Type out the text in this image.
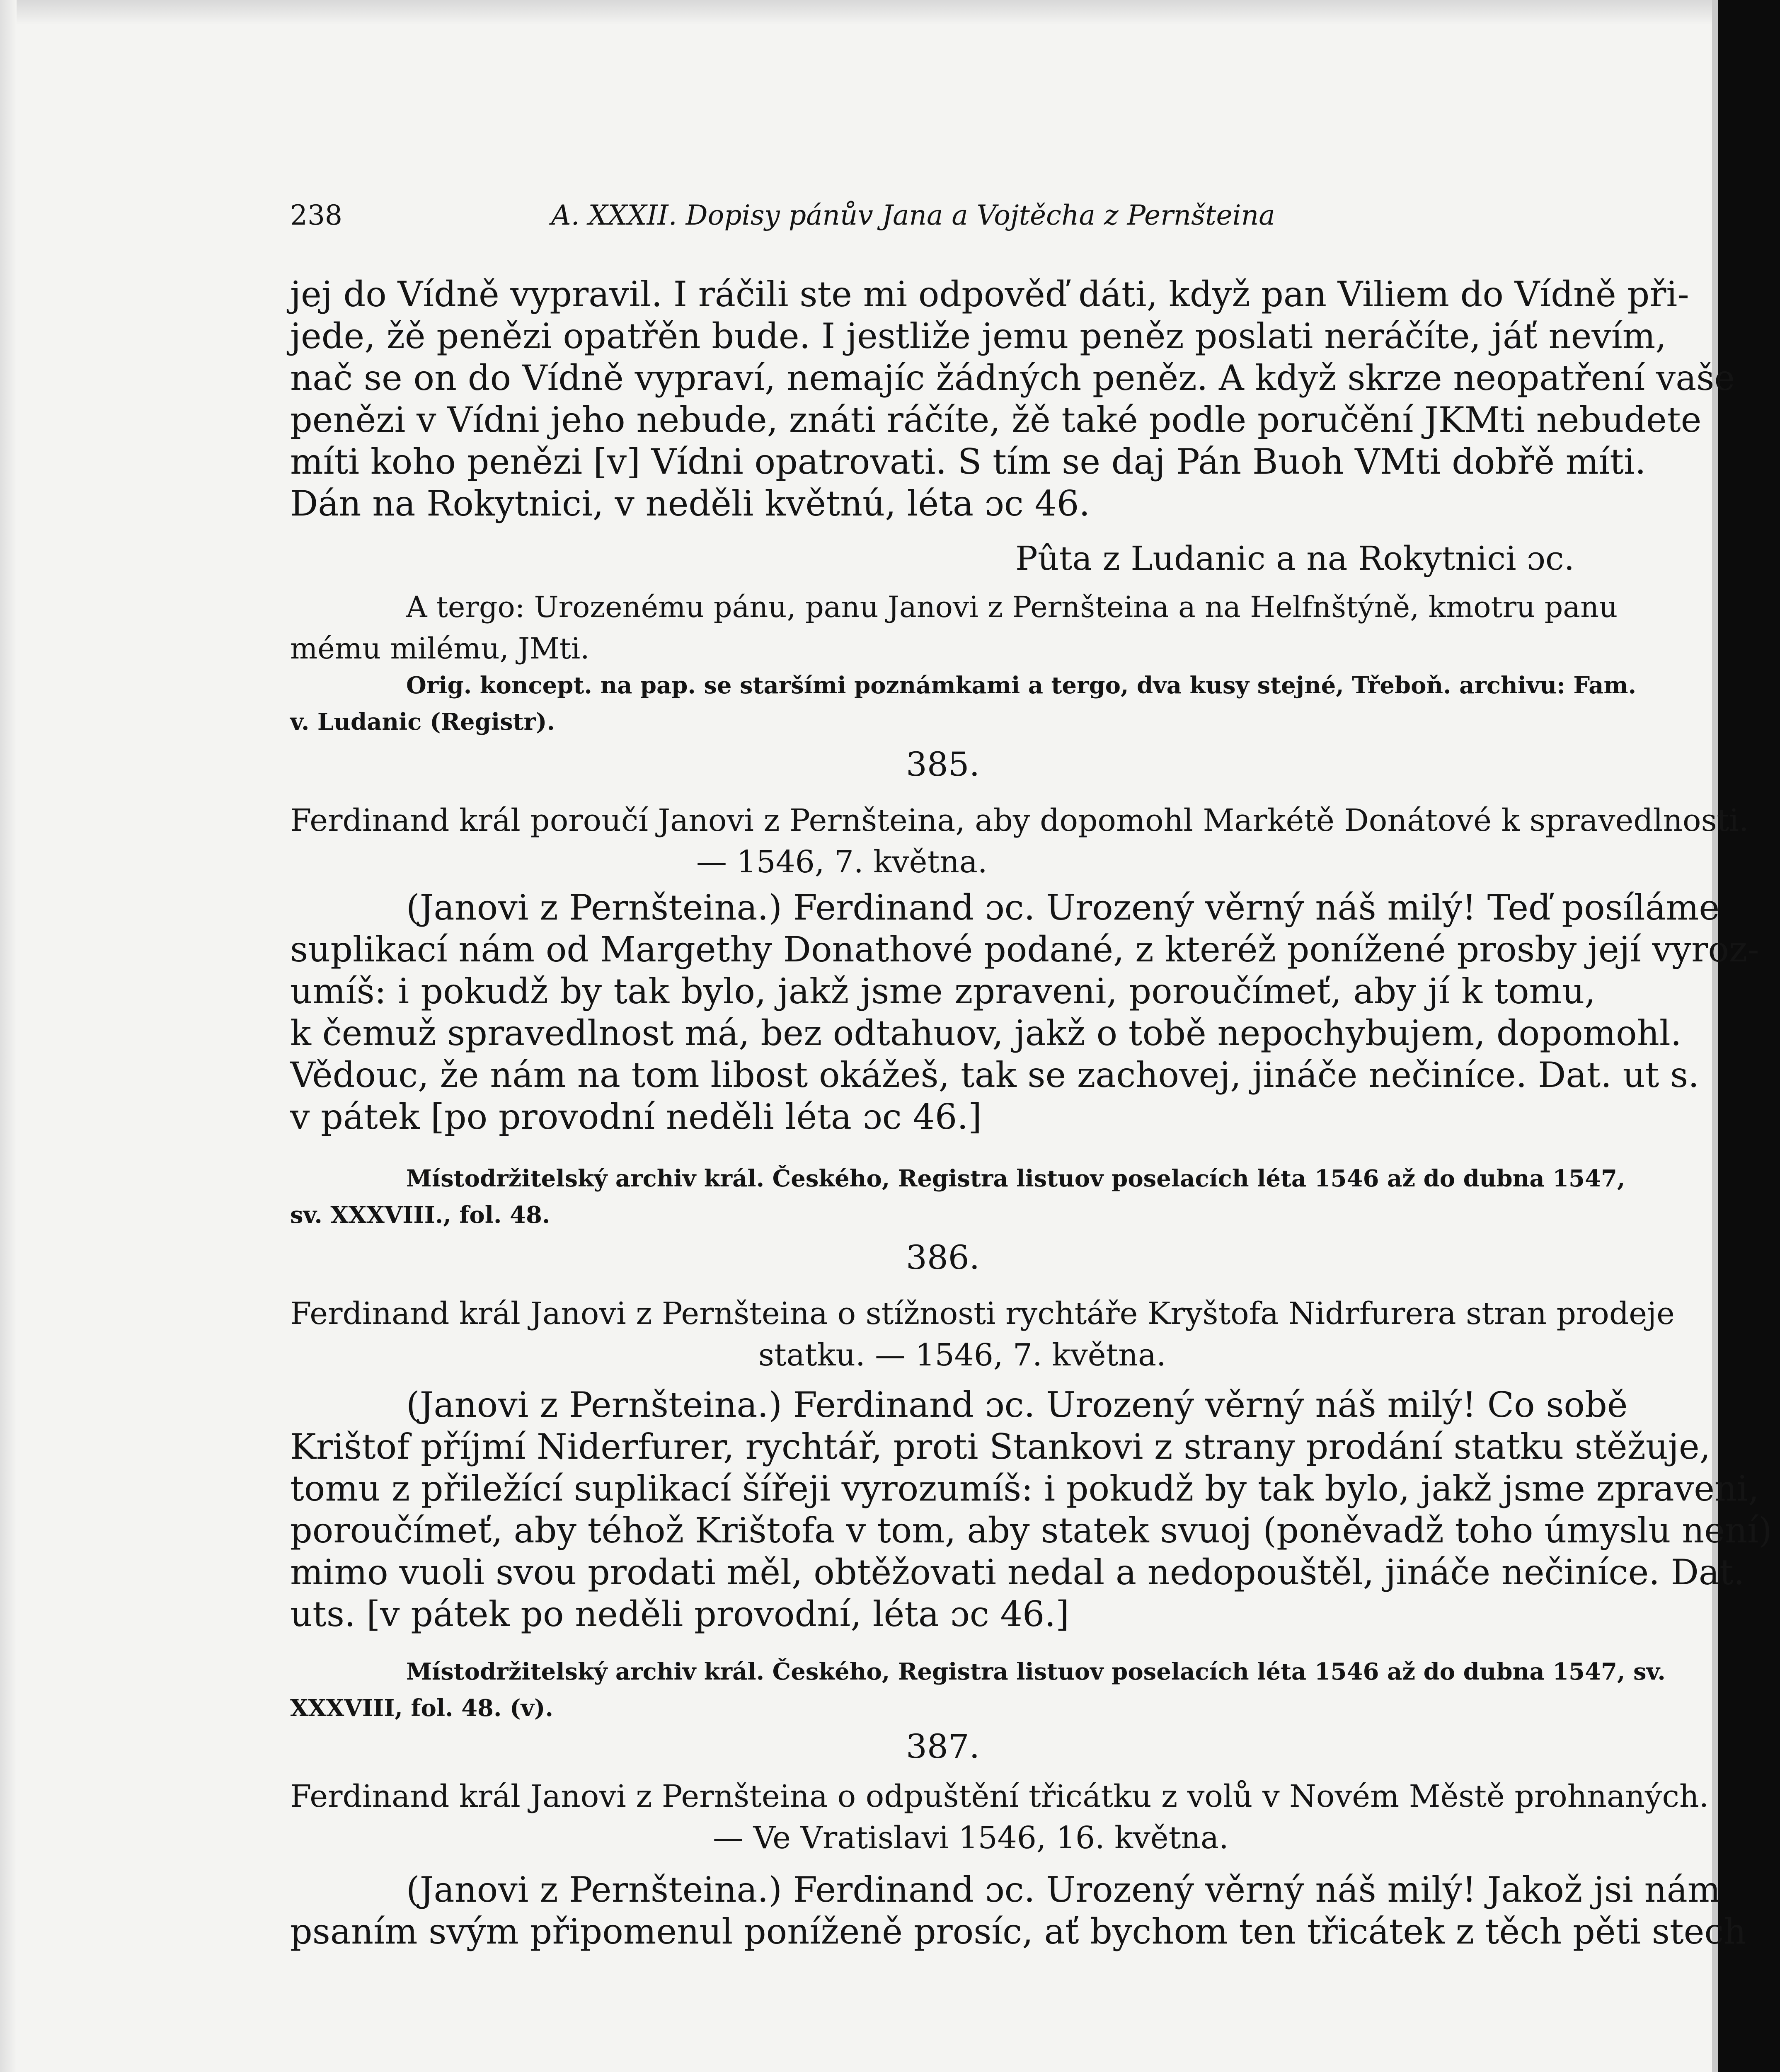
238	A. XXXII. Dopisy pánův Jana a Vojtěcha z Pernšteina
jej do Vídně vypravil. I ráčili ste mi odpověď dáti, když pan Viliem do Vídně při-
jede, žě penězi opatřěn bude. I jestliže jemu peněz poslati neráčíte, jáť nevím,
nač se on do Vídně vypraví, nemajíc žádných peněz. A když skrze neopatření vaše
penězi v Vídni jeho nebude, znáti ráčíte, žě také podle poručění JKMti nebudete
míti koho penězi [v] Vídni opatrovati. S tím se daj Pán Buoh VMti dobřě míti.
Dán na Rokytnici, v neděli květnú, léta ɔc 46.
Pûta z Ludanic a na Rokytnici ɔc.
A tergo: Urozenému pánu, panu Janovi z Pernšteina a na Helfnštýně, kmotru panu
mému milému, JMti.
Orig. koncept. na pap. se staršími poznámkami a tergo, dva kusy stejné, Třeboň. archivu: Fam.
v. Ludanic (Registr).
385.
Ferdinand král poroučí Janovi z Pernšteina, aby dopomohl Markétě Donátové k spravedlnosti.
— 1546, 7. května.
(Janovi z Pernšteina.) Ferdinand ɔc. Urozený věrný náš milý! Teď posíláme
suplikací nám od Margethy Donathové podané, z kteréž ponížené prosby její vyroz-
umíš: i pokudž by tak bylo, jakž jsme zpraveni, poroučímeť, aby jí k tomu,
k čemuž spravedlnost má, bez odtahuov, jakž o tobě nepochybujem, dopomohl.
Vědouc, že nám na tom libost okážeš, tak se zachovej, jináče nečiníce. Dat. ut s.
v pátek [po provodní neděli léta ɔc 46.]
Místodržitelský archiv král. Českého, Registra listuov poselacích léta 1546 až do dubna 1547,
sv. XXXVIII., fol. 48.
386.
Ferdinand král Janovi z Pernšteina o stížnosti rychtáře Kryštofa Nidrfurera stran prodeje
statku. — 1546, 7. května.
(Janovi z Pernšteina.) Ferdinand ɔc. Urozený věrný náš milý! Co sobě
Krištof příjmí Niderfurer, rychtář, proti Stankovi z strany prodání statku stěžuje,
tomu z přiležící suplikací šířeji vyrozumíš: i pokudž by tak bylo, jakž jsme zpraveni,
poroučímeť, aby téhož Krištofa v tom, aby statek svuoj (poněvadž toho úmyslu není)
mimo vuoli svou prodati měl, obtěžovati nedal a nedopouštěl, jináče nečiníce. Dat.
uts. [v pátek po neděli provodní, léta ɔc 46.]
Místodržitelský archiv král. Českého, Registra listuov poselacích léta 1546 až do dubna 1547, sv.
XXXVIII, fol. 48. (v).
387.
Ferdinand král Janovi z Pernšteina o odpuštění třicátku z volů v Novém Městě prohnaných.
— Ve Vratislavi 1546, 16. května.
(Janovi z Pernšteina.) Ferdinand ɔc. Urozený věrný náš milý! Jakož jsi nám
psaním svým připomenul poníženě prosíc, ať bychom ten třicátek z těch pěti stech
